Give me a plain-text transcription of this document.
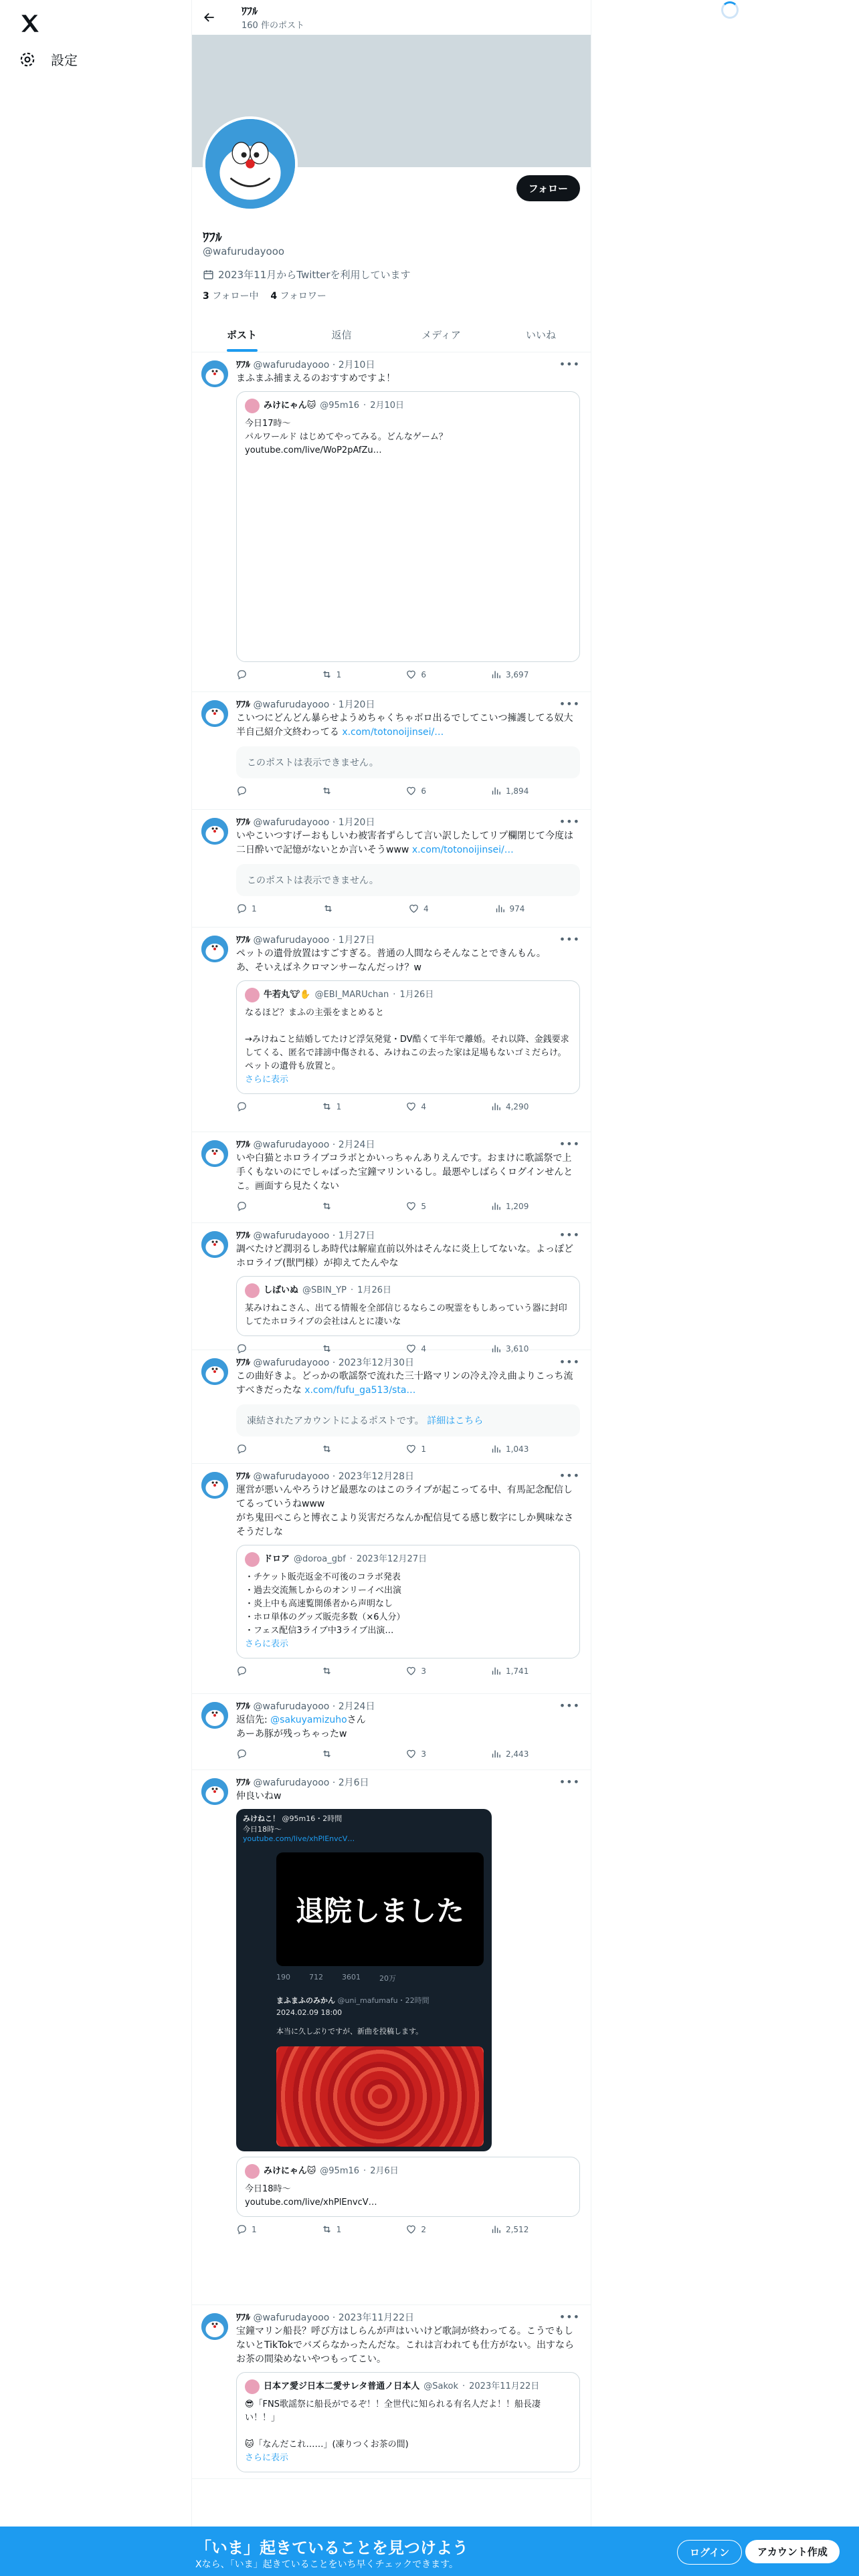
設定
ﾜﾌﾙ
160 件のポスト
フォロー
ﾜﾌﾙ
@wafurudayooo
2023年11月からTwitterを利用しています
3 フォロー中 4 フォロワー
ポスト	返信	メディア	いいね
•••
ﾜﾌﾙ @wafurudayooo · 2月10日
まふまふ捕まえるのおすすめですよ！
みけにゃん🐱 @95m16 · 2月10日
今日17時〜
パルワールド はじめてやってみる。どんなゲーム？
youtube.com/live/WoP2pAfZu…
1	6	3,697
•••
ﾜﾌﾙ @wafurudayooo · 1月20日
こいつにどんどん暴らせようめちゃくちゃボロ出るでしてこいつ擁護してる奴大半自己紹介文終わってる x.com/totonoijinsei/…
このポストは表示できません。
6	1,894
•••
ﾜﾌﾙ @wafurudayooo · 1月20日
いやこいつすげーおもしいわ被害者ずらして言い訳したしてリプ欄閉じて今度は二日酔いで記憶がないとか言いそうwww x.com/totonoijinsei/…
このポストは表示できません。
1	4	974
•••
ﾜﾌﾙ @wafurudayooo · 1月27日
ペットの遺骨放置はすごすぎる。普通の人間ならそんなことできんもん。
あ、そいえばネクロマンサーなんだっけ？w
牛若丸🐮✋ @EBI_MARUchan · 1月26日
なるほど？まふの主張をまとめると

→みけねこと結婚してたけど浮気発覚・DV酷くて半年で離婚。それ以降、金銭要求してくる、匿名で誹謗中傷される、みけねこの去った家は足場もないゴミだらけ。ペットの遺骨も放置と。
さらに表示
1	4	4,290
•••
ﾜﾌﾙ @wafurudayooo · 2月24日
いや白猫とホロライブコラボとかいっちゃんありえんです。おまけに歌謡祭で上手くもないのにでしゃばった宝鐘マリンいるし。最悪やしばらくログインせんとこ。画面すら見たくない
5	1,209
•••
ﾜﾌﾙ @wafurudayooo · 1月27日
調べたけど潤羽るしあ時代は解雇直前以外はそんなに炎上してないな。よっぽどホロライブ(獣門様）が抑えてたんやな
しばいぬ @SBIN_YP · 1月26日
某みけねこさん、出てる情報を全部信じるならこの呪霊をもしあっていう器に封印してたホロライブの会社はんとに凄いな
4	3,610
•••
ﾜﾌﾙ @wafurudayooo · 2023年12月30日
この曲好きよ。どっかの歌謡祭で流れた三十路マリンの冷え冷え曲よりこっち流すべきだったな x.com/fufu_ga513/sta…
凍結されたアカウントによるポストです。 詳細はこちら
1	1,043
•••
ﾜﾌﾙ @wafurudayooo · 2023年12月28日
運営が悪いんやろうけど最悪なのはこのライブが起こってる中、有馬記念配信してるっていうねwww
がち鬼田ぺこらと博衣こより災害だろなんか配信見てる感じ数字にしか興味なさそうだしな
ドロア @doroa_gbf · 2023年12月27日
・チケット販売返金不可後のコラボ発表
・過去交流無しからのオンリーイベ出演
・炎上中も高速覧開係者から声明なし
・ホロ単体のグッズ販売多数（×6人分）
・フェス配信3ライブ中3ライブ出演…
さらに表示
3	1,741
•••
ﾜﾌﾙ @wafurudayooo · 2月24日
返信先: @sakuyamizuhoさん
あーあ豚が残っちゃったw
3	2,443
•••
ﾜﾌﾙ @wafurudayooo · 2月6日
仲良いねw
みけねこ！ @95m16・2時間
今日18時〜
youtube.com/live/xhPlEnvcV…
退院しました
190	712	3601	20万
まふまふのみかん @uni_mafumafu・22時間
2024.02.09 18:00
本当に久しぶりですが、新曲を投稿します。
みけにゃん🐱 @95m16 · 2月6日
今日18時〜
youtube.com/live/xhPlEnvcV…
1	1	2	2,512
•••
ﾜﾌﾙ @wafurudayooo · 2023年11月22日
宝鐘マリン船長？呼び方はしらんが声はいいけど歌詞が終わってる。こうでもしないとTikTokでバズらなかったんだな。これは言われても仕方がない。出すならお茶の間染めないやつもってこい。
日本ア愛ジ日本二愛サレタ普通ノ日本人 @Sakok · 2023年11月22日
😎「FNS歌謡祭に船長がでるぞ！！全世代に知られる有名人だよ！！船長凄い！！」

🐱「なんだこれ……」(凍りつくお茶の間)
さらに表示
「いま」起きていることを見つけよう
Xなら、「いま」起きていることをいち早くチェックできます。
ログイン	アカウント作成
